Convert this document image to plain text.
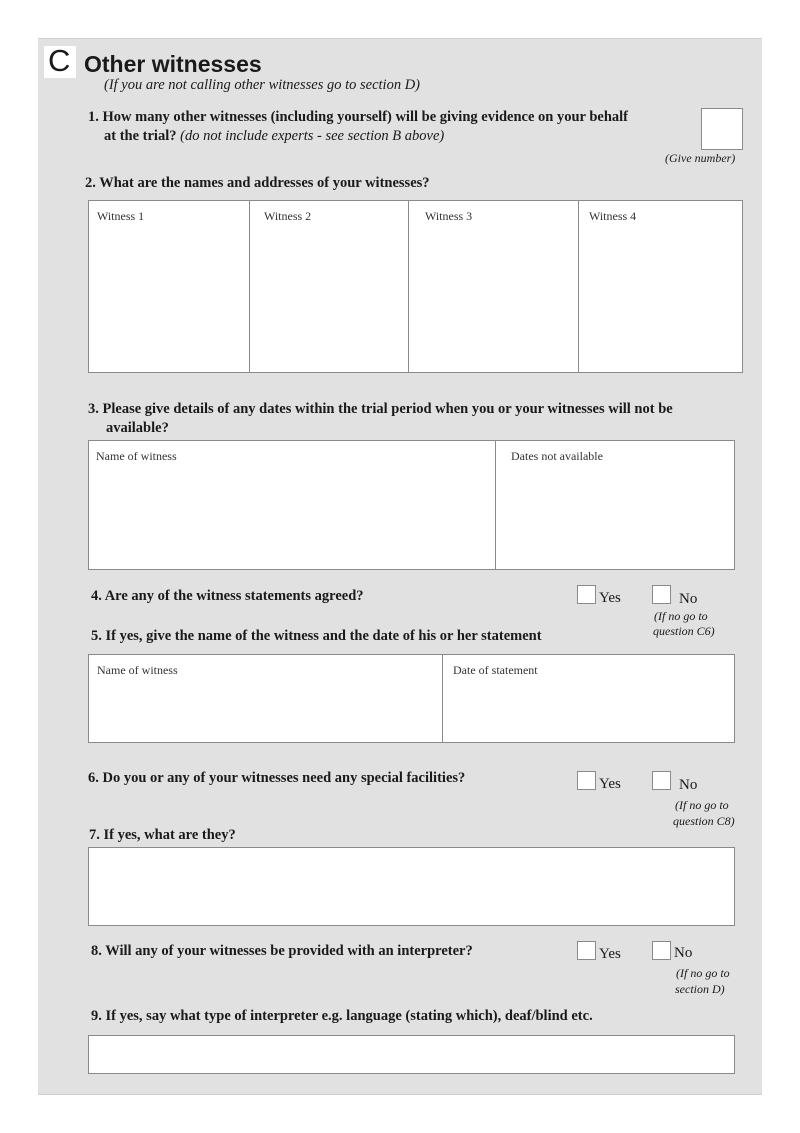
C Other witnesses
(If you are not calling other witnesses go to section D)
1. How many other witnesses (including yourself) will be giving evidence on your behalf
at the trial? (do not include experts - see section B above)
(Give number)
2. What are the names and addresses of your witnesses?
Witness 1	Witness 2	Witness 3	Witness 4
3. Please give details of any dates within the trial period when you or your witnesses will not be
available?
Name of witness	Dates not available
4. Are any of the witness statements agreed?	Yes	No
(If no go to
question C6)
5. If yes, give the name of the witness and the date of his or her statement
Name of witness	Date of statement
6. Do you or any of your witnesses need any special facilities?	Yes	No
(If no go to
question C8)
7. If yes, what are they?
8. Will any of your witnesses be provided with an interpreter?	Yes	No
(If no go to
section D)
9. If yes, say what type of interpreter e.g. language (stating which), deaf/blind etc.
